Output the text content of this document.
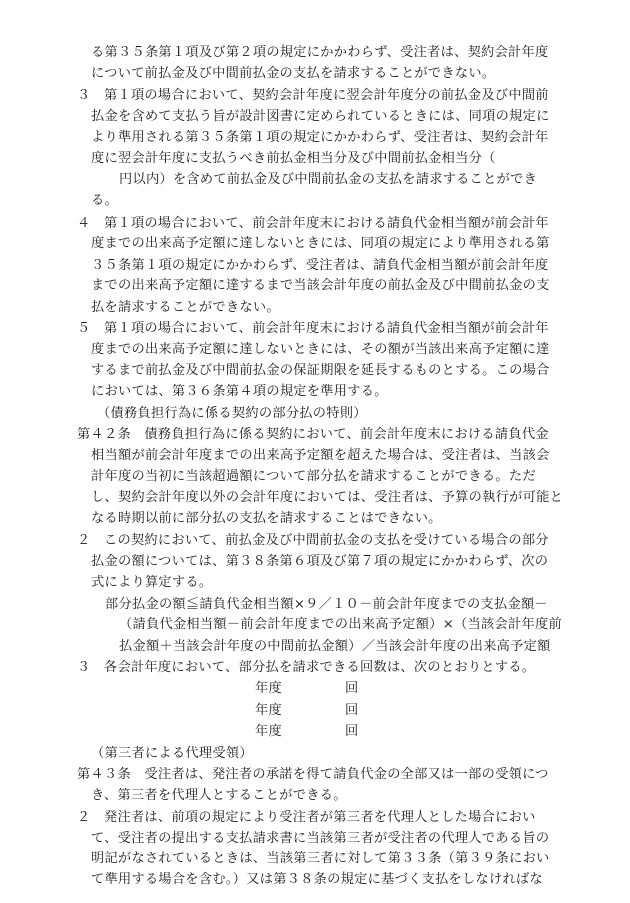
る第３５条第１項及び第２項の規定にかかわらず、受注者は、契約会計年度
について前払金及び中間前払金の支払を請求することができない。
３　第１項の場合において、契約会計年度に翌会計年度分の前払金及び中間前
払金を含めて支払う旨が設計図書に定められているときには、同項の規定に
より準用される第３５条第１項の規定にかかわらず、受注者は、契約会計年
度に翌会計年度に支払うべき前払金相当分及び中間前払金相当分（
円以内）を含めて前払金及び中間前払金の支払を請求することができ
る。
４　第１項の場合において、前会計年度末における請負代金相当額が前会計年
度までの出来高予定額に達しないときには、同項の規定により準用される第
３５条第１項の規定にかかわらず、受注者は、請負代金相当額が前会計年度
までの出来高予定額に達するまで当該会計年度の前払金及び中間前払金の支
払を請求することができない。
５　第１項の場合において、前会計年度末における請負代金相当額が前会計年
度までの出来高予定額に達しないときには、その額が当該出来高予定額に達
するまで前払金及び中間前払金の保証期限を延長するものとする。この場合
においては、第３６条第４項の規定を準用する。
（債務負担行為に係る契約の部分払の特則）
第４２条　債務負担行為に係る契約において、前会計年度末における請負代金
相当額が前会計年度までの出来高予定額を超えた場合は、受注者は、当該会
計年度の当初に当該超過額について部分払を請求することができる。ただ
し、契約会計年度以外の会計年度においては、受注者は、予算の執行が可能と
なる時期以前に部分払の支払を請求することはできない。
２　この契約において、前払金及び中間前払金の支払を受けている場合の部分
払金の額については、第３８条第６項及び第７項の規定にかかわらず、次の
式により算定する。
部分払金の額≦請負代金相当額×９／１０－前会計年度までの支払金額－
（請負代金相当額－前会計年度までの出来高予定額）×（当該会計年度前
払金額＋当該会計年度の中間前払金額）／当該会計年度の出来高予定額
３　各会計年度において、部分払を請求できる回数は、次のとおりとする。
年度	回
年度	回
年度	回
（第三者による代理受領）
第４３条　受注者は、発注者の承諾を得て請負代金の全部又は一部の受領につ
き、第三者を代理人とすることができる。
２　発注者は、前項の規定により受注者が第三者を代理人とした場合におい
て、受注者の提出する支払請求書に当該第三者が受注者の代理人である旨の
明記がなされているときは、当該第三者に対して第３３条（第３９条におい
て準用する場合を含む。）又は第３８条の規定に基づく支払をしなければな
